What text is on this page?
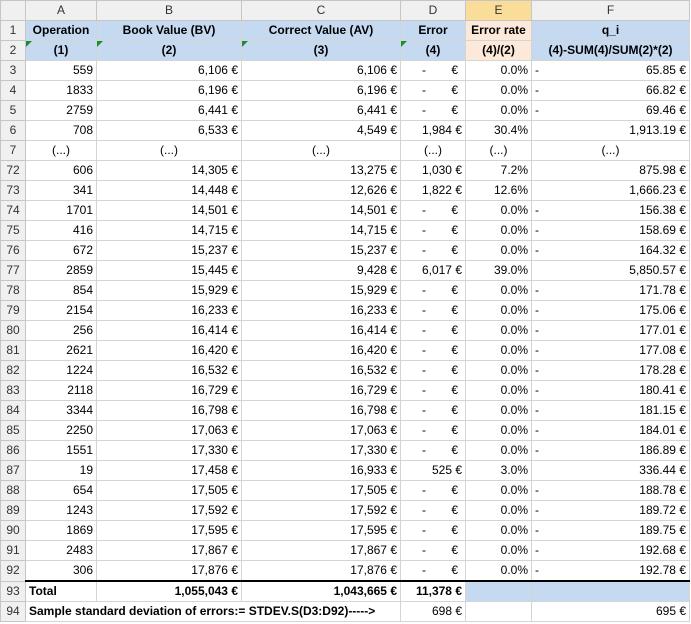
	A	B	C	D	E	F
1	Operation	Book Value (BV)	Correct Value (AV)	Error	Error rate	q_i
2	(1)	(2)	(3)	(4)	(4)/(2)	(4)-SUM(4)/SUM(2)*(2)
3	559	6,106 €	6,106 €	- €	0.0%	- 65.85 €
4	1833	6,196 €	6,196 €	- €	0.0%	- 66.82 €
5	2759	6,441 €	6,441 €	- €	0.0%	- 69.46 €
6	708	6,533 €	4,549 €	1,984 €	30.4%	1,913.19 €
7	(...)	(...)	(...)	(...)	(...)	(...)
72	606	14,305 €	13,275 €	1,030 €	7.2%	875.98 €
73	341	14,448 €	12,626 €	1,822 €	12.6%	1,666.23 €
74	1701	14,501 €	14,501 €	- €	0.0%	- 156.38 €
75	416	14,715 €	14,715 €	- €	0.0%	- 158.69 €
76	672	15,237 €	15,237 €	- €	0.0%	- 164.32 €
77	2859	15,445 €	9,428 €	6,017 €	39.0%	5,850.57 €
78	854	15,929 €	15,929 €	- €	0.0%	- 171.78 €
79	2154	16,233 €	16,233 €	- €	0.0%	- 175.06 €
80	256	16,414 €	16,414 €	- €	0.0%	- 177.01 €
81	2621	16,420 €	16,420 €	- €	0.0%	- 177.08 €
82	1224	16,532 €	16,532 €	- €	0.0%	- 178.28 €
83	2118	16,729 €	16,729 €	- €	0.0%	- 180.41 €
84	3344	16,798 €	16,798 €	- €	0.0%	- 181.15 €
85	2250	17,063 €	17,063 €	- €	0.0%	- 184.01 €
86	1551	17,330 €	17,330 €	- €	0.0%	- 186.89 €
87	19	17,458 €	16,933 €	525 €	3.0%	336.44 €
88	654	17,505 €	17,505 €	- €	0.0%	- 188.78 €
89	1243	17,592 €	17,592 €	- €	0.0%	- 189.72 €
90	1869	17,595 €	17,595 €	- €	0.0%	- 189.75 €
91	2483	17,867 €	17,867 €	- €	0.0%	- 192.68 €
92	306	17,876 €	17,876 €	- €	0.0%	- 192.78 €
93	Total	1,055,043 €	1,043,665 €	11,378 €		
94	Sample standard deviation of errors:= STDEV.S(D3:D92)----->			698 €		695 €
